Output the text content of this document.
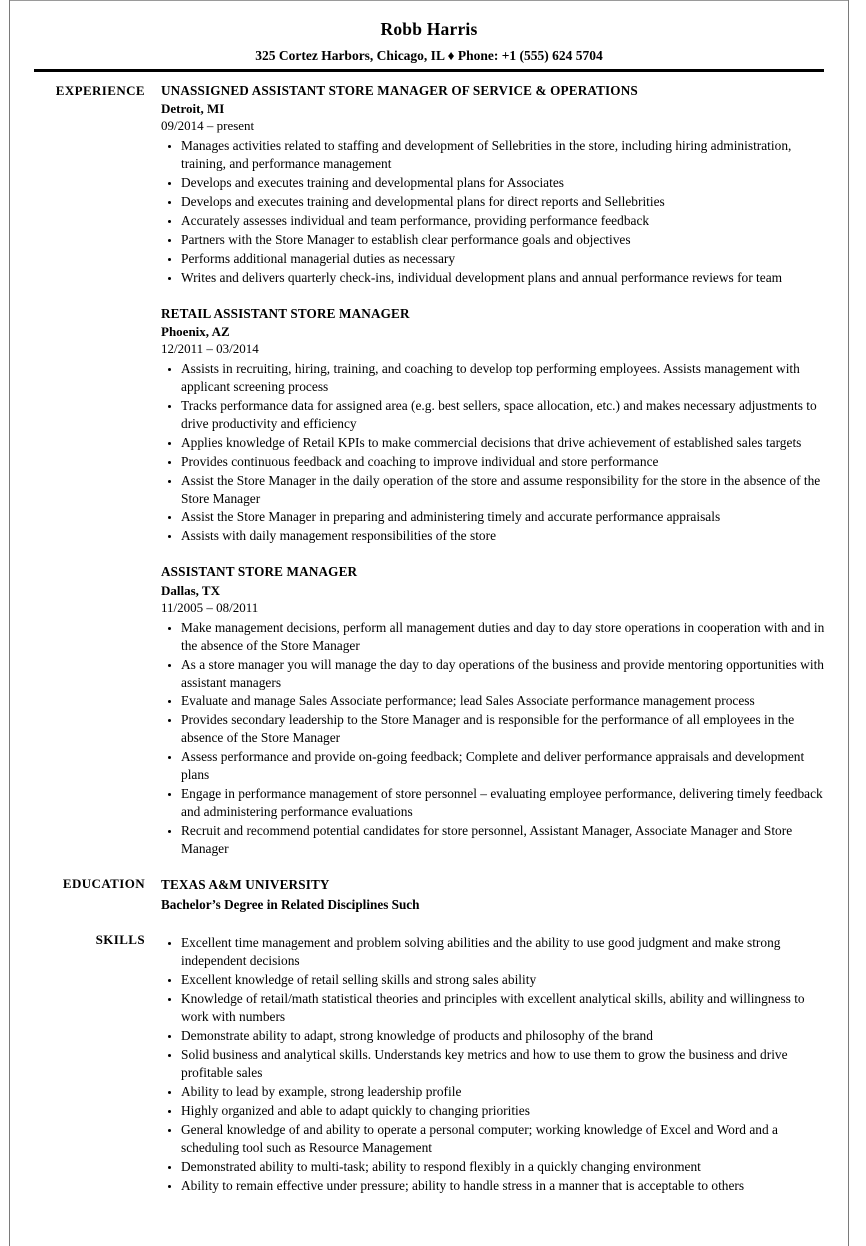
Robb Harris
325 Cortez Harbors, Chicago, IL ♦ Phone: +1 (555) 624 5704
EXPERIENCE	UNASSIGNED ASSISTANT STORE MANAGER OF SERVICE & OPERATIONS
Detroit, MI
09/2014 – present
Manages activities related to staffing and development of Sellebrities in the store, including hiring administration, training, and performance management
Develops and executes training and developmental plans for Associates
Develops and executes training and developmental plans for direct reports and Sellebrities
Accurately assesses individual and team performance, providing performance feedback
Partners with the Store Manager to establish clear performance goals and objectives
Performs additional managerial duties as necessary
Writes and delivers quarterly check-ins, individual development plans and annual performance reviews for team
RETAIL ASSISTANT STORE MANAGER
Phoenix, AZ
12/2011 – 03/2014
Assists in recruiting, hiring, training, and coaching to develop top performing employees. Assists management with applicant screening process
Tracks performance data for assigned area (e.g. best sellers, space allocation, etc.) and makes necessary adjustments to drive productivity and efficiency
Applies knowledge of Retail KPIs to make commercial decisions that drive achievement of established sales targets
Provides continuous feedback and coaching to improve individual and store performance
Assist the Store Manager in the daily operation of the store and assume responsibility for the store in the absence of the Store Manager
Assist the Store Manager in preparing and administering timely and accurate performance appraisals
Assists with daily management responsibilities of the store
ASSISTANT STORE MANAGER
Dallas, TX
11/2005 – 08/2011
Make management decisions, perform all management duties and day to day store operations in cooperation with and in the absence of the Store Manager
As a store manager you will manage the day to day operations of the business and provide mentoring opportunities with assistant managers
Evaluate and manage Sales Associate performance; lead Sales Associate performance management process
Provides secondary leadership to the Store Manager and is responsible for the performance of all employees in the absence of the Store Manager
Assess performance and provide on-going feedback; Complete and deliver performance appraisals and development plans
Engage in performance management of store personnel – evaluating employee performance, delivering timely feedback and administering performance evaluations
Recruit and recommend potential candidates for store personnel, Assistant Manager, Associate Manager and Store Manager
EDUCATION	TEXAS A&M UNIVERSITY
Bachelor’s Degree in Related Disciplines Such
SKILLS	Excellent time management and problem solving abilities and the ability to use good judgment and make strong independent decisions
Excellent knowledge of retail selling skills and strong sales ability
Knowledge of retail/math statistical theories and principles with excellent analytical skills, ability and willingness to work with numbers
Demonstrate ability to adapt, strong knowledge of products and philosophy of the brand
Solid business and analytical skills. Understands key metrics and how to use them to grow the business and drive profitable sales
Ability to lead by example, strong leadership profile
Highly organized and able to adapt quickly to changing priorities
General knowledge of and ability to operate a personal computer; working knowledge of Excel and Word and a scheduling tool such as Resource Management
Demonstrated ability to multi-task; ability to respond flexibly in a quickly changing environment
Ability to remain effective under pressure; ability to handle stress in a manner that is acceptable to others
